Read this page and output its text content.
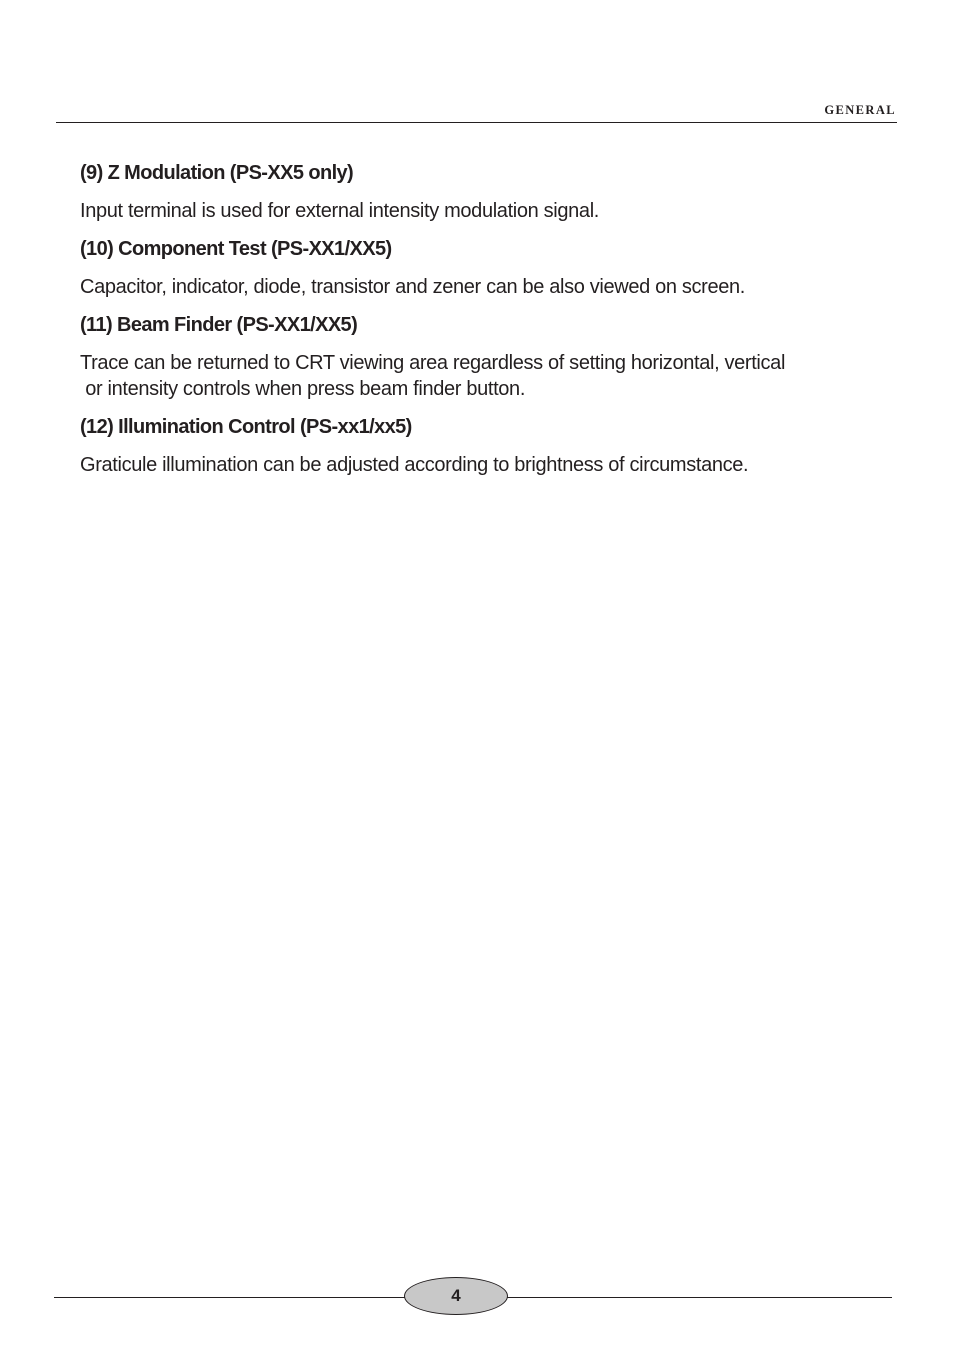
GENERAL
(9) Z Modulation (PS-XX5 only)
Input terminal is used for external intensity modulation signal.
(10) Component Test (PS-XX1/XX5)
Capacitor, indicator, diode, transistor and zener can be also viewed on screen.
(11) Beam Finder (PS-XX1/XX5)
Trace can be returned to CRT viewing area regardless of setting horizontal, vertical
or intensity controls when press beam finder button.
(12) Illumination Control (PS-xx1/xx5)
Graticule illumination can be adjusted according to brightness of circumstance.
4
